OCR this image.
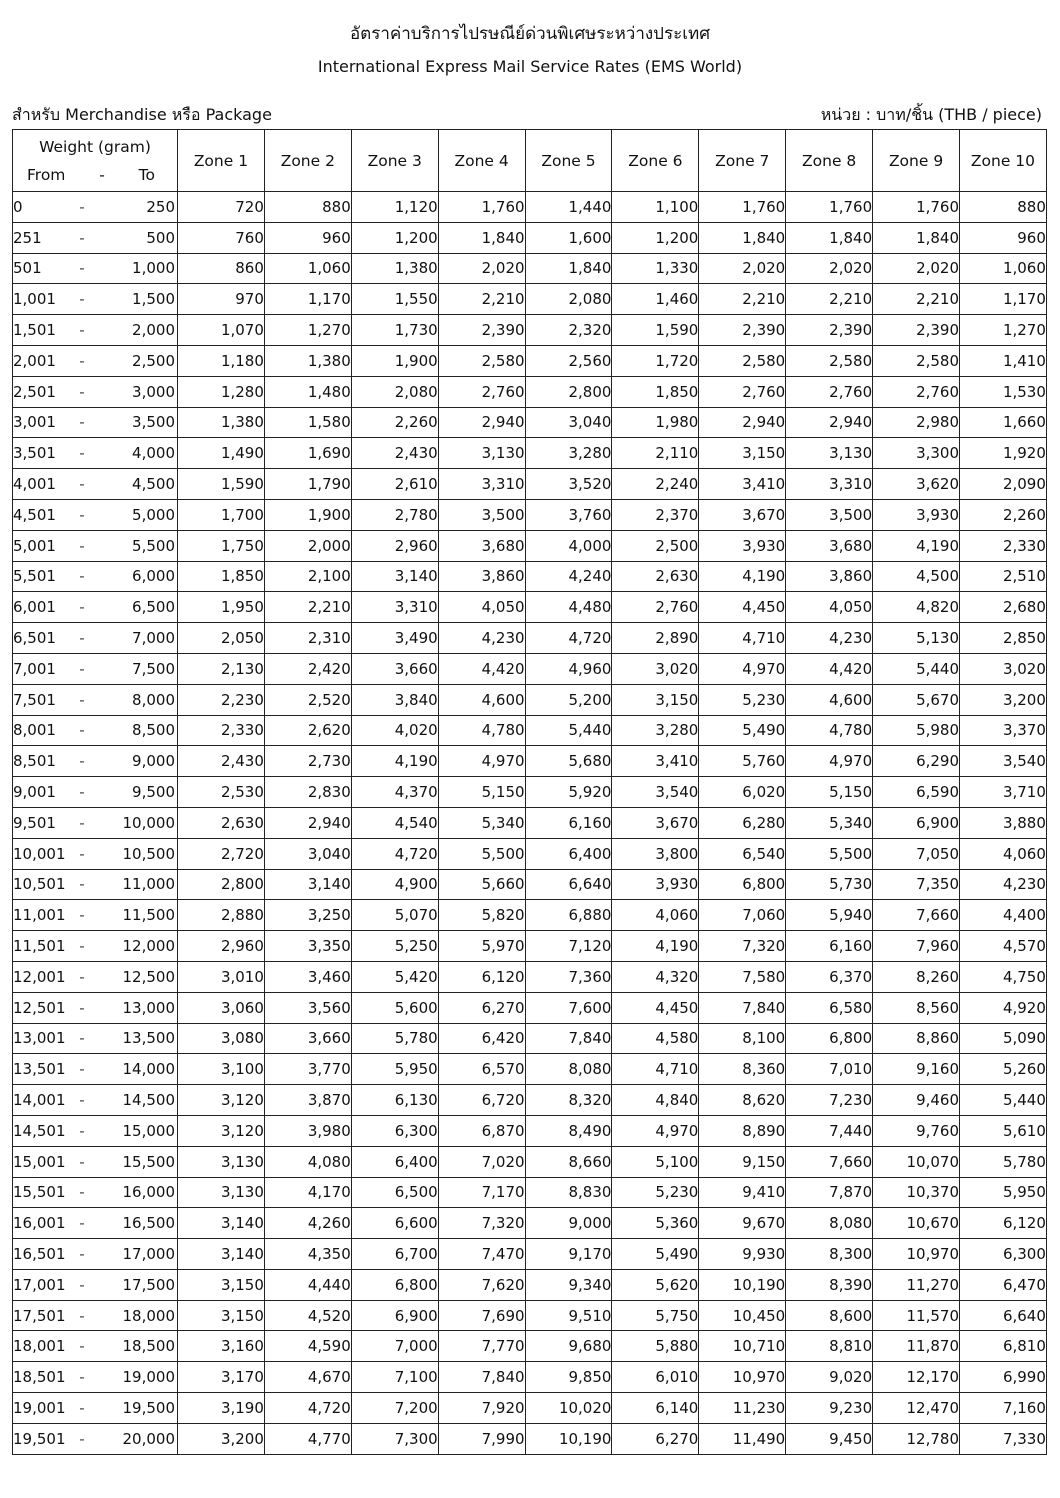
อัตราค่าบริการไปรษณีย์ด่วนพิเศษระหว่างประเทศ
International Express Mail Service Rates (EMS World)
สำหรับ Merchandise หรือ Package	หน่วย : บาท/ชิ้น (THB / piece)
Weight (gram)
From - To	Zone 1	Zone 2	Zone 3	Zone 4	Zone 5	Zone 6	Zone 7	Zone 8	Zone 9	Zone 10

0 - 250	720	880	1,120	1,760	1,440	1,100	1,760	1,760	1,760	880

251 - 500	760	960	1,200	1,840	1,600	1,200	1,840	1,840	1,840	960

501 - 1,000	860	1,060	1,380	2,020	1,840	1,330	2,020	2,020	2,020	1,060

1,001 - 1,500	970	1,170	1,550	2,210	2,080	1,460	2,210	2,210	2,210	1,170

1,501 - 2,000	1,070	1,270	1,730	2,390	2,320	1,590	2,390	2,390	2,390	1,270

2,001 - 2,500	1,180	1,380	1,900	2,580	2,560	1,720	2,580	2,580	2,580	1,410

2,501 - 3,000	1,280	1,480	2,080	2,760	2,800	1,850	2,760	2,760	2,760	1,530

3,001 - 3,500	1,380	1,580	2,260	2,940	3,040	1,980	2,940	2,940	2,980	1,660

3,501 - 4,000	1,490	1,690	2,430	3,130	3,280	2,110	3,150	3,130	3,300	1,920

4,001 - 4,500	1,590	1,790	2,610	3,310	3,520	2,240	3,410	3,310	3,620	2,090

4,501 - 5,000	1,700	1,900	2,780	3,500	3,760	2,370	3,670	3,500	3,930	2,260

5,001 - 5,500	1,750	2,000	2,960	3,680	4,000	2,500	3,930	3,680	4,190	2,330

5,501 - 6,000	1,850	2,100	3,140	3,860	4,240	2,630	4,190	3,860	4,500	2,510

6,001 - 6,500	1,950	2,210	3,310	4,050	4,480	2,760	4,450	4,050	4,820	2,680

6,501 - 7,000	2,050	2,310	3,490	4,230	4,720	2,890	4,710	4,230	5,130	2,850

7,001 - 7,500	2,130	2,420	3,660	4,420	4,960	3,020	4,970	4,420	5,440	3,020

7,501 - 8,000	2,230	2,520	3,840	4,600	5,200	3,150	5,230	4,600	5,670	3,200

8,001 - 8,500	2,330	2,620	4,020	4,780	5,440	3,280	5,490	4,780	5,980	3,370

8,501 - 9,000	2,430	2,730	4,190	4,970	5,680	3,410	5,760	4,970	6,290	3,540

9,001 - 9,500	2,530	2,830	4,370	5,150	5,920	3,540	6,020	5,150	6,590	3,710

9,501 - 10,000	2,630	2,940	4,540	5,340	6,160	3,670	6,280	5,340	6,900	3,880

10,001 - 10,500	2,720	3,040	4,720	5,500	6,400	3,800	6,540	5,500	7,050	4,060

10,501 - 11,000	2,800	3,140	4,900	5,660	6,640	3,930	6,800	5,730	7,350	4,230

11,001 - 11,500	2,880	3,250	5,070	5,820	6,880	4,060	7,060	5,940	7,660	4,400

11,501 - 12,000	2,960	3,350	5,250	5,970	7,120	4,190	7,320	6,160	7,960	4,570

12,001 - 12,500	3,010	3,460	5,420	6,120	7,360	4,320	7,580	6,370	8,260	4,750

12,501 - 13,000	3,060	3,560	5,600	6,270	7,600	4,450	7,840	6,580	8,560	4,920

13,001 - 13,500	3,080	3,660	5,780	6,420	7,840	4,580	8,100	6,800	8,860	5,090

13,501 - 14,000	3,100	3,770	5,950	6,570	8,080	4,710	8,360	7,010	9,160	5,260

14,001 - 14,500	3,120	3,870	6,130	6,720	8,320	4,840	8,620	7,230	9,460	5,440

14,501 - 15,000	3,120	3,980	6,300	6,870	8,490	4,970	8,890	7,440	9,760	5,610

15,001 - 15,500	3,130	4,080	6,400	7,020	8,660	5,100	9,150	7,660	10,070	5,780

15,501 - 16,000	3,130	4,170	6,500	7,170	8,830	5,230	9,410	7,870	10,370	5,950

16,001 - 16,500	3,140	4,260	6,600	7,320	9,000	5,360	9,670	8,080	10,670	6,120

16,501 - 17,000	3,140	4,350	6,700	7,470	9,170	5,490	9,930	8,300	10,970	6,300

17,001 - 17,500	3,150	4,440	6,800	7,620	9,340	5,620	10,190	8,390	11,270	6,470

17,501 - 18,000	3,150	4,520	6,900	7,690	9,510	5,750	10,450	8,600	11,570	6,640

18,001 - 18,500	3,160	4,590	7,000	7,770	9,680	5,880	10,710	8,810	11,870	6,810

18,501 - 19,000	3,170	4,670	7,100	7,840	9,850	6,010	10,970	9,020	12,170	6,990

19,001 - 19,500	3,190	4,720	7,200	7,920	10,020	6,140	11,230	9,230	12,470	7,160

19,501 - 20,000	3,200	4,770	7,300	7,990	10,190	6,270	11,490	9,450	12,780	7,330
